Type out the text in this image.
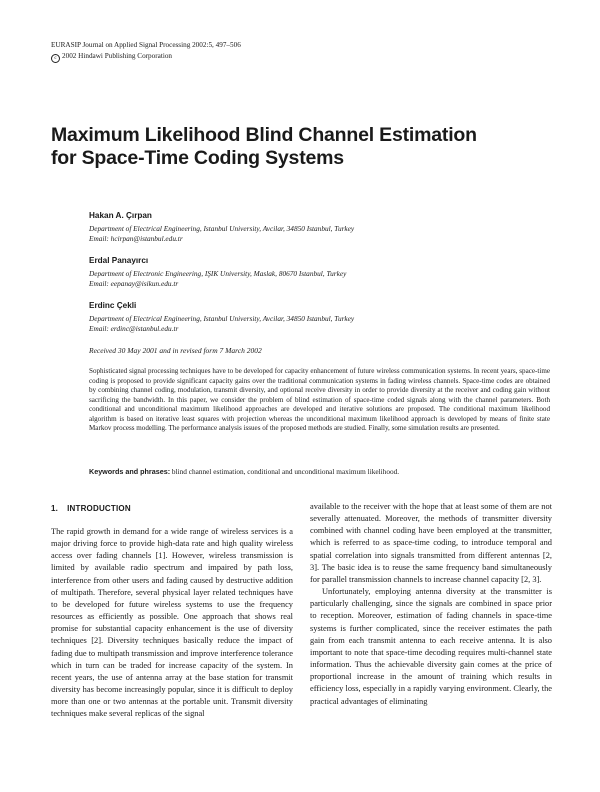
EURASIP Journal on Applied Signal Processing 2002:5, 497–506
c 2002 Hindawi Publishing Corporation
Maximum Likelihood Blind Channel Estimation
for Space-Time Coding Systems
Hakan A. Çırpan
Department of Electrical Engineering, Istanbul University, Avcilar, 34850 Istanbul, Turkey
Email: hcirpan@istanbul.edu.tr
Erdal Panayırcı
Department of Electronic Engineering, IŞIK University, Maslak, 80670 Istanbul, Turkey
Email: eepanay@isikun.edu.tr
Erdinc Çekli
Department of Electrical Engineering, Istanbul University, Avcilar, 34850 Istanbul, Turkey
Email: erdinc@istanbul.edu.tr
Received 30 May 2001 and in revised form 7 March 2002
Sophisticated signal processing techniques have to be developed for capacity enhancement of future wireless communication systems. In recent years, space-time coding is proposed to provide significant capacity gains over the traditional communication systems in fading wireless channels. Space-time codes are obtained by combining channel coding, modulation, transmit diversity, and optional receive diversity in order to provide diversity at the receiver and coding gain without sacrificing the bandwidth. In this paper, we consider the problem of blind estimation of space-time coded signals along with the channel parameters. Both conditional and unconditional maximum likelihood approaches are developed and iterative solutions are proposed. The conditional maximum likelihood algorithm is based on iterative least squares with projection whereas the unconditional maximum likelihood approach is developed by means of finite state Markov process modelling. The performance analysis issues of the proposed methods are studied. Finally, some simulation results are presented.
Keywords and phrases: blind channel estimation, conditional and unconditional maximum likelihood.
1. INTRODUCTION

The rapid growth in demand for a wide range of wireless services is a major driving force to provide high-data rate and high quality wireless access over fading channels [1]. However, wireless transmission is limited by available radio spectrum and impaired by path loss, interference from other users and fading caused by destructive addition of multipath. Therefore, several physical layer related techniques have to be developed for future wireless systems to use the frequency resources as efficiently as possible. One approach that shows real promise for substantial capacity enhancement is the use of diversity techniques [2]. Diversity techniques basically reduce the impact of fading due to multipath transmission and improve interference tolerance which in turn can be traded for increase capacity of the system. In recent years, the use of antenna array at the base station for transmit diversity has become increasingly popular, since it is difficult to deploy more than one or two antennas at the portable unit. Transmit diversity techniques make several replicas of the signal

available to the receiver with the hope that at least some of them are not severally attenuated. Moreover, the methods of transmitter diversity combined with channel coding have been employed at the transmitter, which is referred to as space-time coding, to introduce temporal and spatial correlation into signals transmitted from different antennas [2, 3]. The basic idea is to reuse the same frequency band simultaneously for parallel transmission channels to increase channel capacity [2, 3].

Unfortunately, employing antenna diversity at the transmitter is particularly challenging, since the signals are combined in space prior to reception. Moreover, estimation of fading channels in space-time systems is further complicated, since the receiver estimates the path gain from each transmit antenna to each receive antenna. It is also important to note that space-time decoding requires multi-channel state information. Thus the achievable diversity gain comes at the price of proportional increase in the amount of training which results in efficiency loss, especially in a rapidly varying environment. Clearly, the practical advantages of eliminating
